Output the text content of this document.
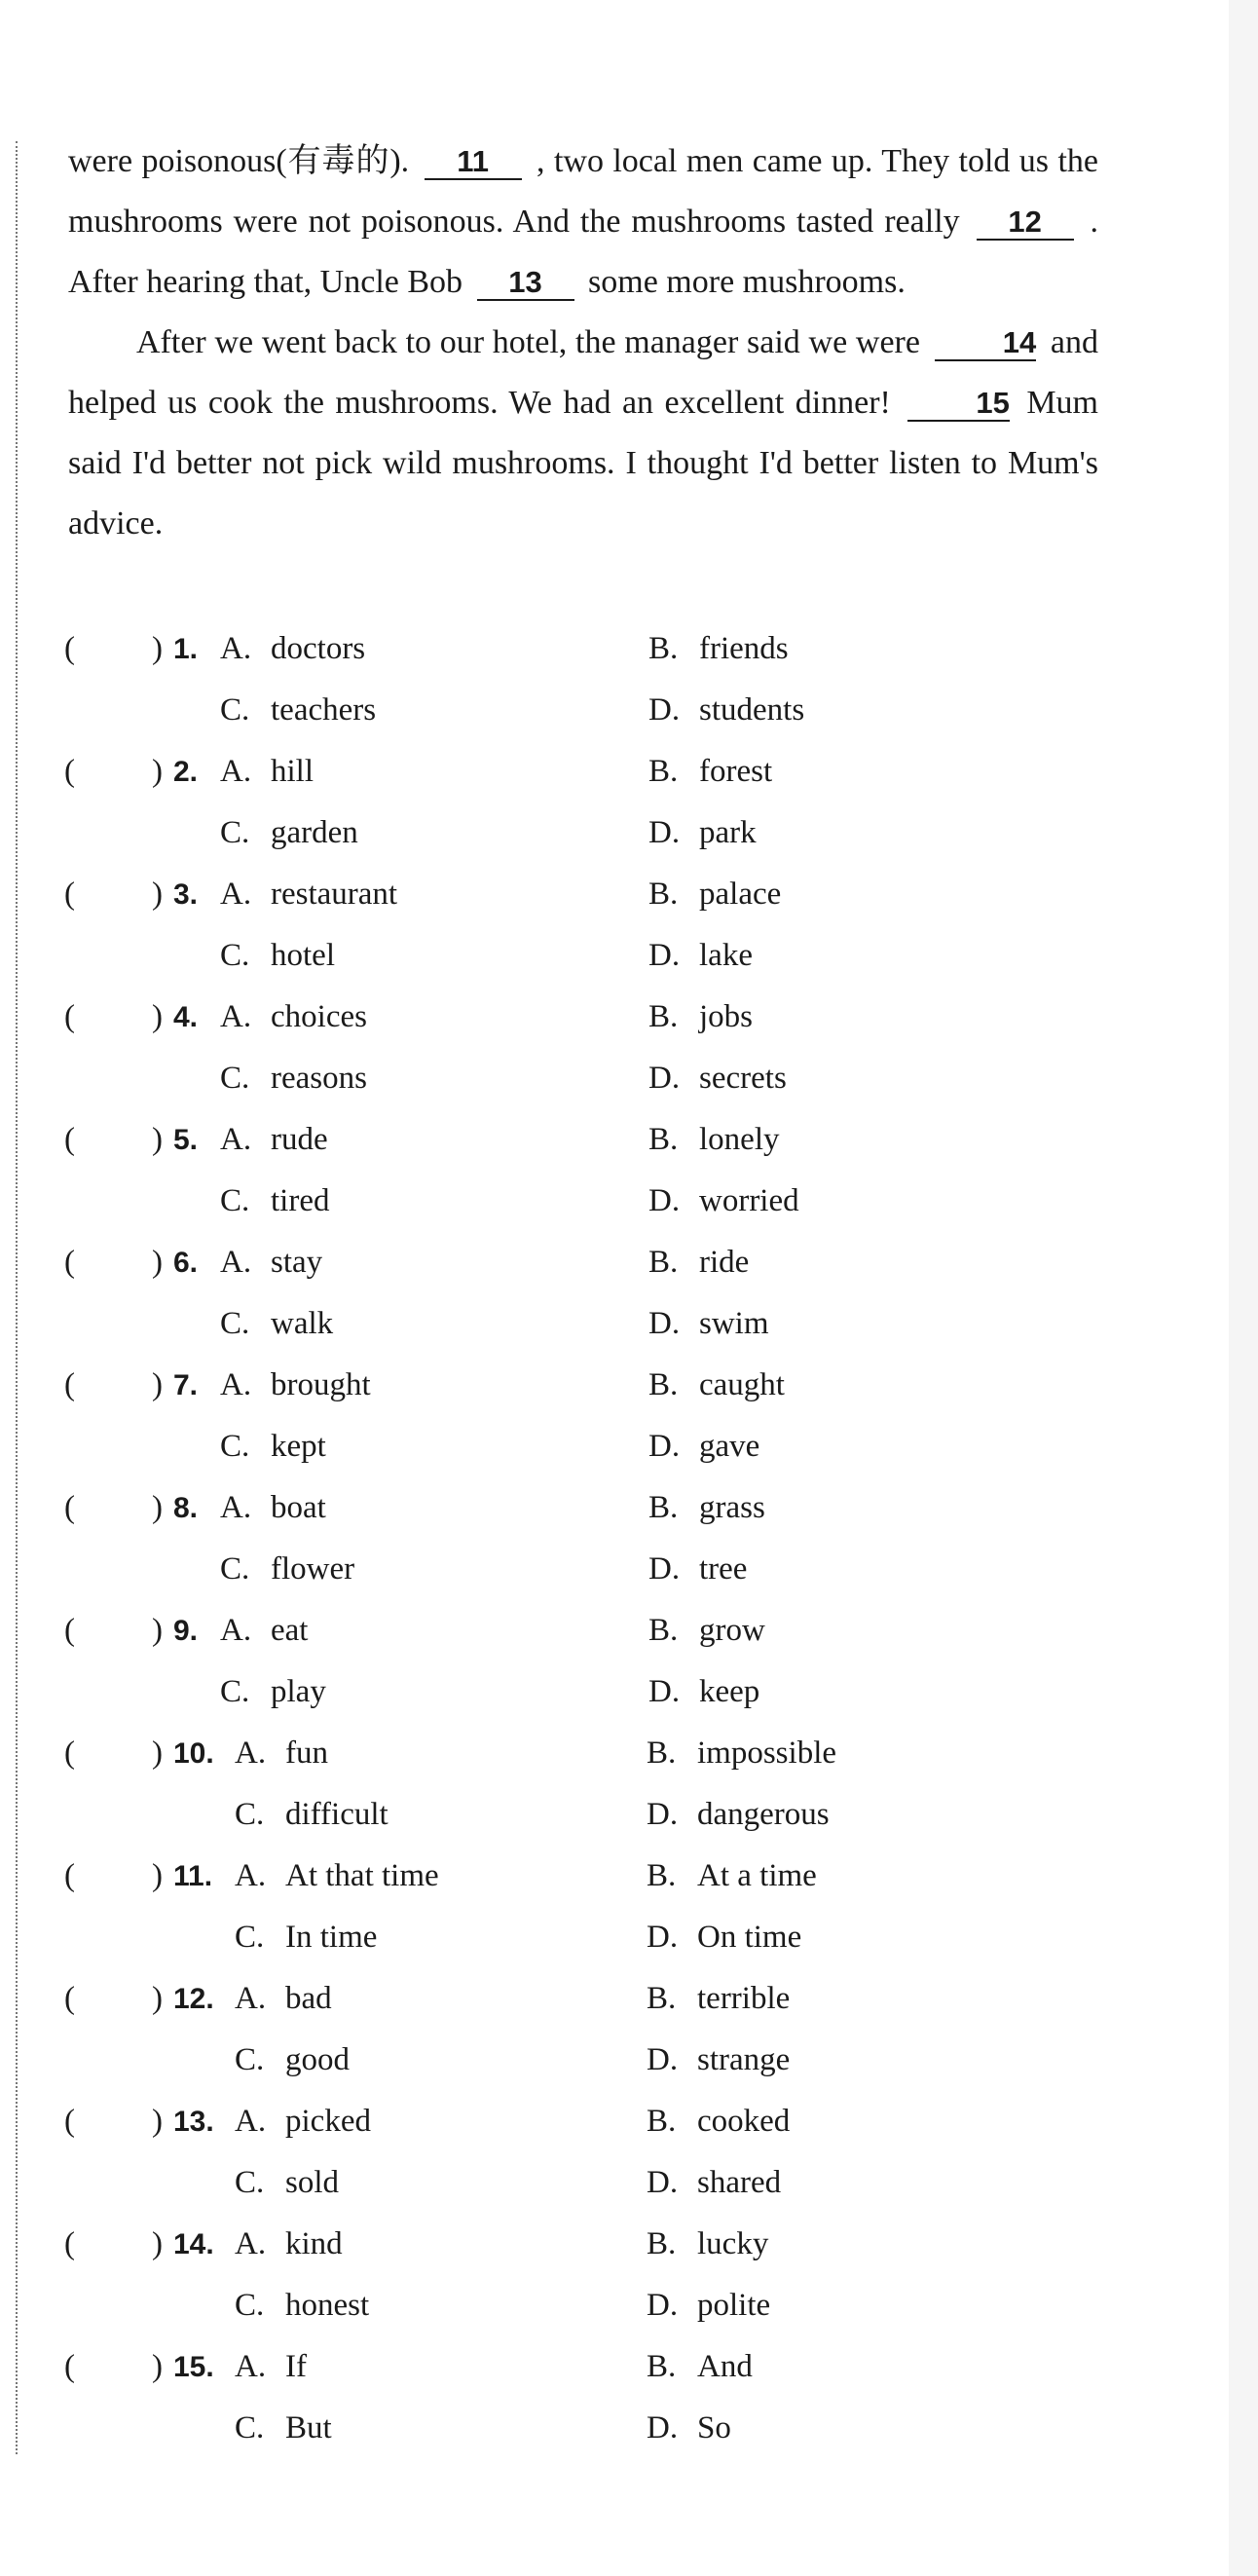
were poisonous(有毒的). 11 , two local men came up. They told us the mushrooms were not poisonous. And the mushrooms tasted really 12 . After hearing that, Uncle Bob 13 some more mushrooms.

After we went back to our hotel, the manager said we were	14 and helped us cook the mushrooms. We had an excellent dinner!	15 Mum said I'd better not pick wild mushrooms. I thought I'd better listen to Mum's advice.

( ) 1. A. doctors	B. friends
C. teachers	D. students
( ) 2. A. hill	B. forest
C. garden	D. park
( ) 3. A. restaurant	B. palace
C. hotel	D. lake
( ) 4. A. choices	B. jobs
C. reasons	D. secrets
( ) 5. A. rude	B. lonely
C. tired	D. worried
( ) 6. A. stay	B. ride
C. walk	D. swim
( ) 7. A. brought	B. caught
C. kept	D. gave
( ) 8. A. boat	B. grass
C. flower	D. tree
( ) 9. A. eat	B. grow
C. play	D. keep
( ) 10. A. fun	B. impossible
C. difficult	D. dangerous
( ) 11. A. At that time	B. At a time
C. In time	D. On time
( ) 12. A. bad	B. terrible
C. good	D. strange
( ) 13. A. picked	B. cooked
C. sold	D. shared
( ) 14. A. kind	B. lucky
C. honest	D. polite
( ) 15. A. If	B. And
C. But	D. So
